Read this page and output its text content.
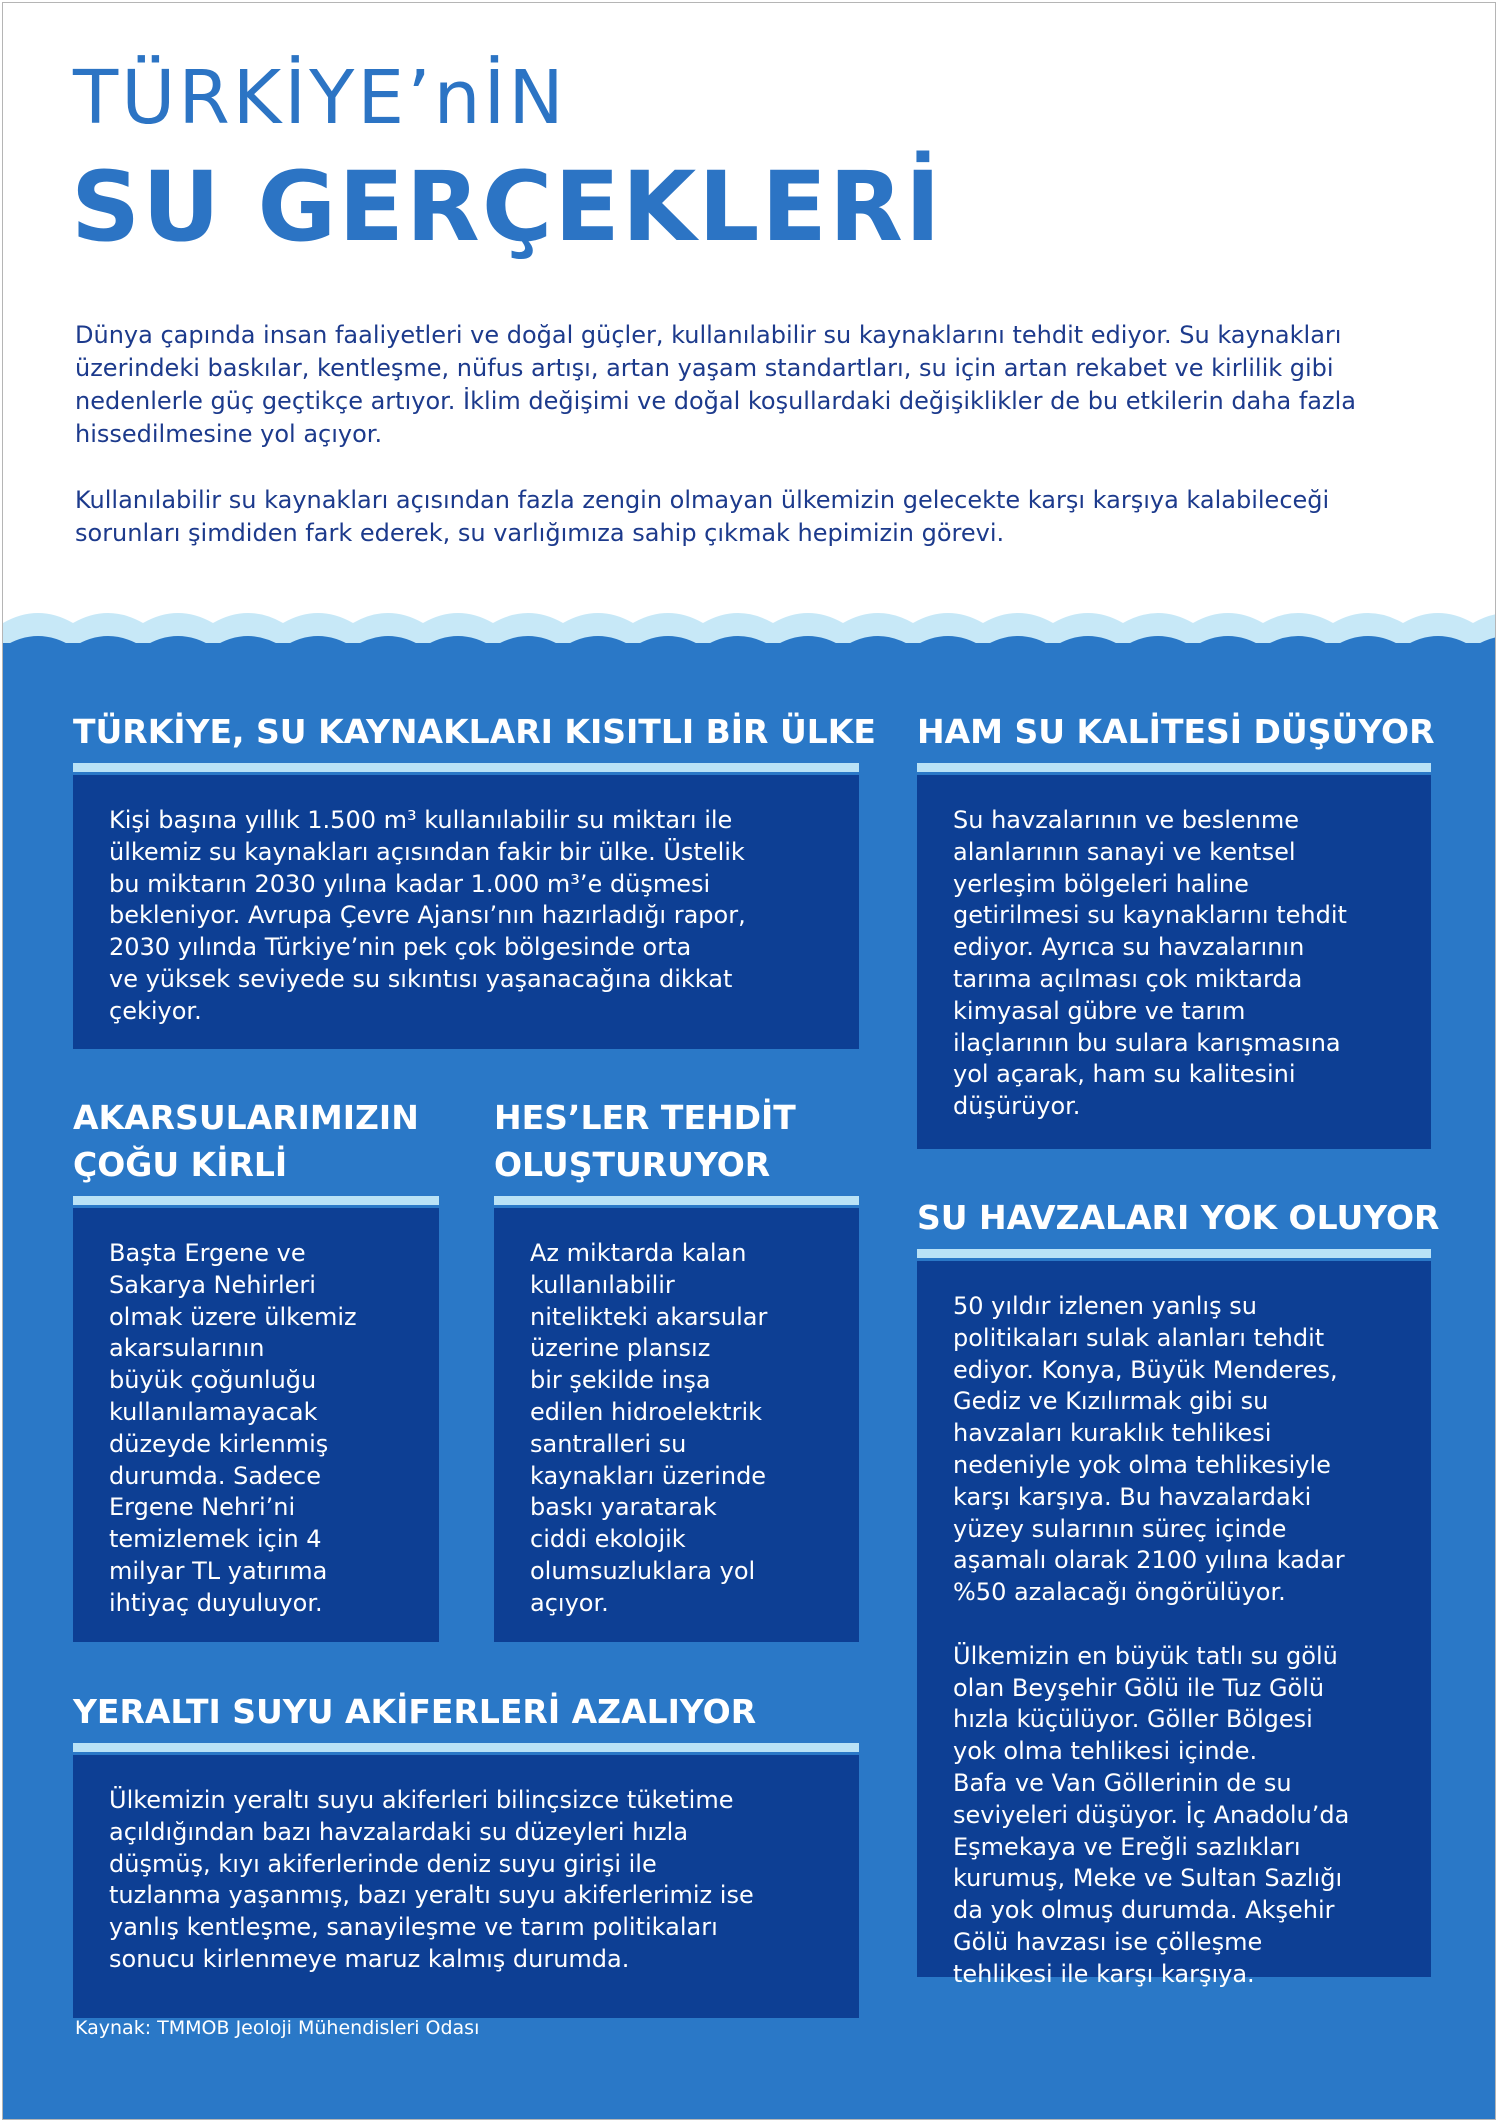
TÜRKİYE’nİN
SU GERÇEKLERİ

Dünya çapında insan faaliyetleri ve doğal güçler, kullanılabilir su kaynaklarını tehdit ediyor. Su kaynakları üzerindeki baskılar, kentleşme, nüfus artışı, artan yaşam standartları, su için artan rekabet ve kirlilik gibi nedenlerle güç geçtikçe artıyor. İklim değişimi ve doğal koşullardaki değişiklikler de bu etkilerin daha fazla hissedilmesine yol açıyor.

Kullanılabilir su kaynakları açısından fazla zengin olmayan ülkemizin gelecekte karşı karşıya kalabileceği sorunları şimdiden fark ederek, su varlığımıza sahip çıkmak hepimizin görevi.

TÜRKİYE, SU KAYNAKLARI KISITLI BİR ÜLKE
Kişi başına yıllık 1.500 m³ kullanılabilir su miktarı ile
ülkemiz su kaynakları açısından fakir bir ülke. Üstelik
bu miktarın 2030 yılına kadar 1.000 m³’e düşmesi
bekleniyor. Avrupa Çevre Ajansı’nın hazırladığı rapor,
2030 yılında Türkiye’nin pek çok bölgesinde orta
ve yüksek seviyede su sıkıntısı yaşanacağına dikkat
çekiyor.
AKARSULARIMIZIN
ÇOĞU KİRLİ
Başta Ergene ve
Sakarya Nehirleri
olmak üzere ülkemiz
akarsularının
büyük çoğunluğu
kullanılamayacak
düzeyde kirlenmiş
durumda. Sadece
Ergene Nehri’ni
temizlemek için 4
milyar TL yatırıma
ihtiyaç duyuluyor.
HES’LER TEHDİT
OLUŞTURUYOR
Az miktarda kalan
kullanılabilir
nitelikteki akarsular
üzerine plansız
bir şekilde inşa
edilen hidroelektrik
santralleri su
kaynakları üzerinde
baskı yaratarak
ciddi ekolojik
olumsuzluklara yol
açıyor.
YERALTI SUYU AKİFERLERİ AZALIYOR
Ülkemizin yeraltı suyu akiferleri bilinçsizce tüketime
açıldığından bazı havzalardaki su düzeyleri hızla
düşmüş, kıyı akiferlerinde deniz suyu girişi ile
tuzlanma yaşanmış, bazı yeraltı suyu akiferlerimiz ise
yanlış kentleşme, sanayileşme ve tarım politikaları
sonucu kirlenmeye maruz kalmış durumda.
HAM SU KALİTESİ DÜŞÜYOR
Su havzalarının ve beslenme
alanlarının sanayi ve kentsel
yerleşim bölgeleri haline
getirilmesi su kaynaklarını tehdit
ediyor. Ayrıca su havzalarının
tarıma açılması çok miktarda
kimyasal gübre ve tarım
ilaçlarının bu sulara karışmasına
yol açarak, ham su kalitesini
düşürüyor.
SU HAVZALARI YOK OLUYOR
50 yıldır izlenen yanlış su
politikaları sulak alanları tehdit
ediyor. Konya, Büyük Menderes,
Gediz ve Kızılırmak gibi su
havzaları kuraklık tehlikesi
nedeniyle yok olma tehlikesiyle
karşı karşıya. Bu havzalardaki
yüzey sularının süreç içinde
aşamalı olarak 2100 yılına kadar
%50 azalacağı öngörülüyor.

Ülkemizin en büyük tatlı su gölü
olan Beyşehir Gölü ile Tuz Gölü
hızla küçülüyor. Göller Bölgesi
yok olma tehlikesi içinde.
Bafa ve Van Göllerinin de su
seviyeleri düşüyor. İç Anadolu’da
Eşmekaya ve Ereğli sazlıkları
kurumuş, Meke ve Sultan Sazlığı
da yok olmuş durumda. Akşehir
Gölü havzası ise çölleşme
tehlikesi ile karşı karşıya.
Kaynak: TMMOB Jeoloji Mühendisleri Odası
